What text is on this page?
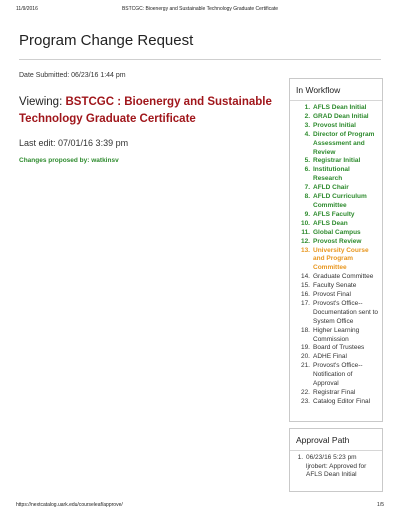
11/9/2016	BSTCGC: Bioenergy and Sustainable Technology Graduate Certificate
Program Change Request
Date Submitted: 06/23/16 1:44 pm
Viewing: BSTCGC : Bioenergy and Sustainable Technology Graduate Certificate
Last edit: 07/01/16 3:39 pm
Changes proposed by: watkinsv
In Workflow
1. AFLS Dean Initial
2. GRAD Dean Initial
3. Provost Initial
4. Director of Program Assessment and Review
5. Registrar Initial
6. Institutional Research
7. AFLD Chair
8. AFLD Curriculum Committee
9. AFLS Faculty
10. AFLS Dean
11. Global Campus
12. Provost Review
13. University Course and Program Committee
14. Graduate Committee
15. Faculty Senate
16. Provost Final
17. Provost's Office--Documentation sent to System Office
18. Higher Learning Commission
19. Board of Trustees
20. ADHE Final
21. Provost's Office--Notification of Approval
22. Registrar Final
23. Catalog Editor Final
Approval Path
1. 06/23/16 5:23 pm ljrobert: Approved for AFLS Dean Initial
https://nextcatalog.uark.edu/courseleaf/approve/	1/5
